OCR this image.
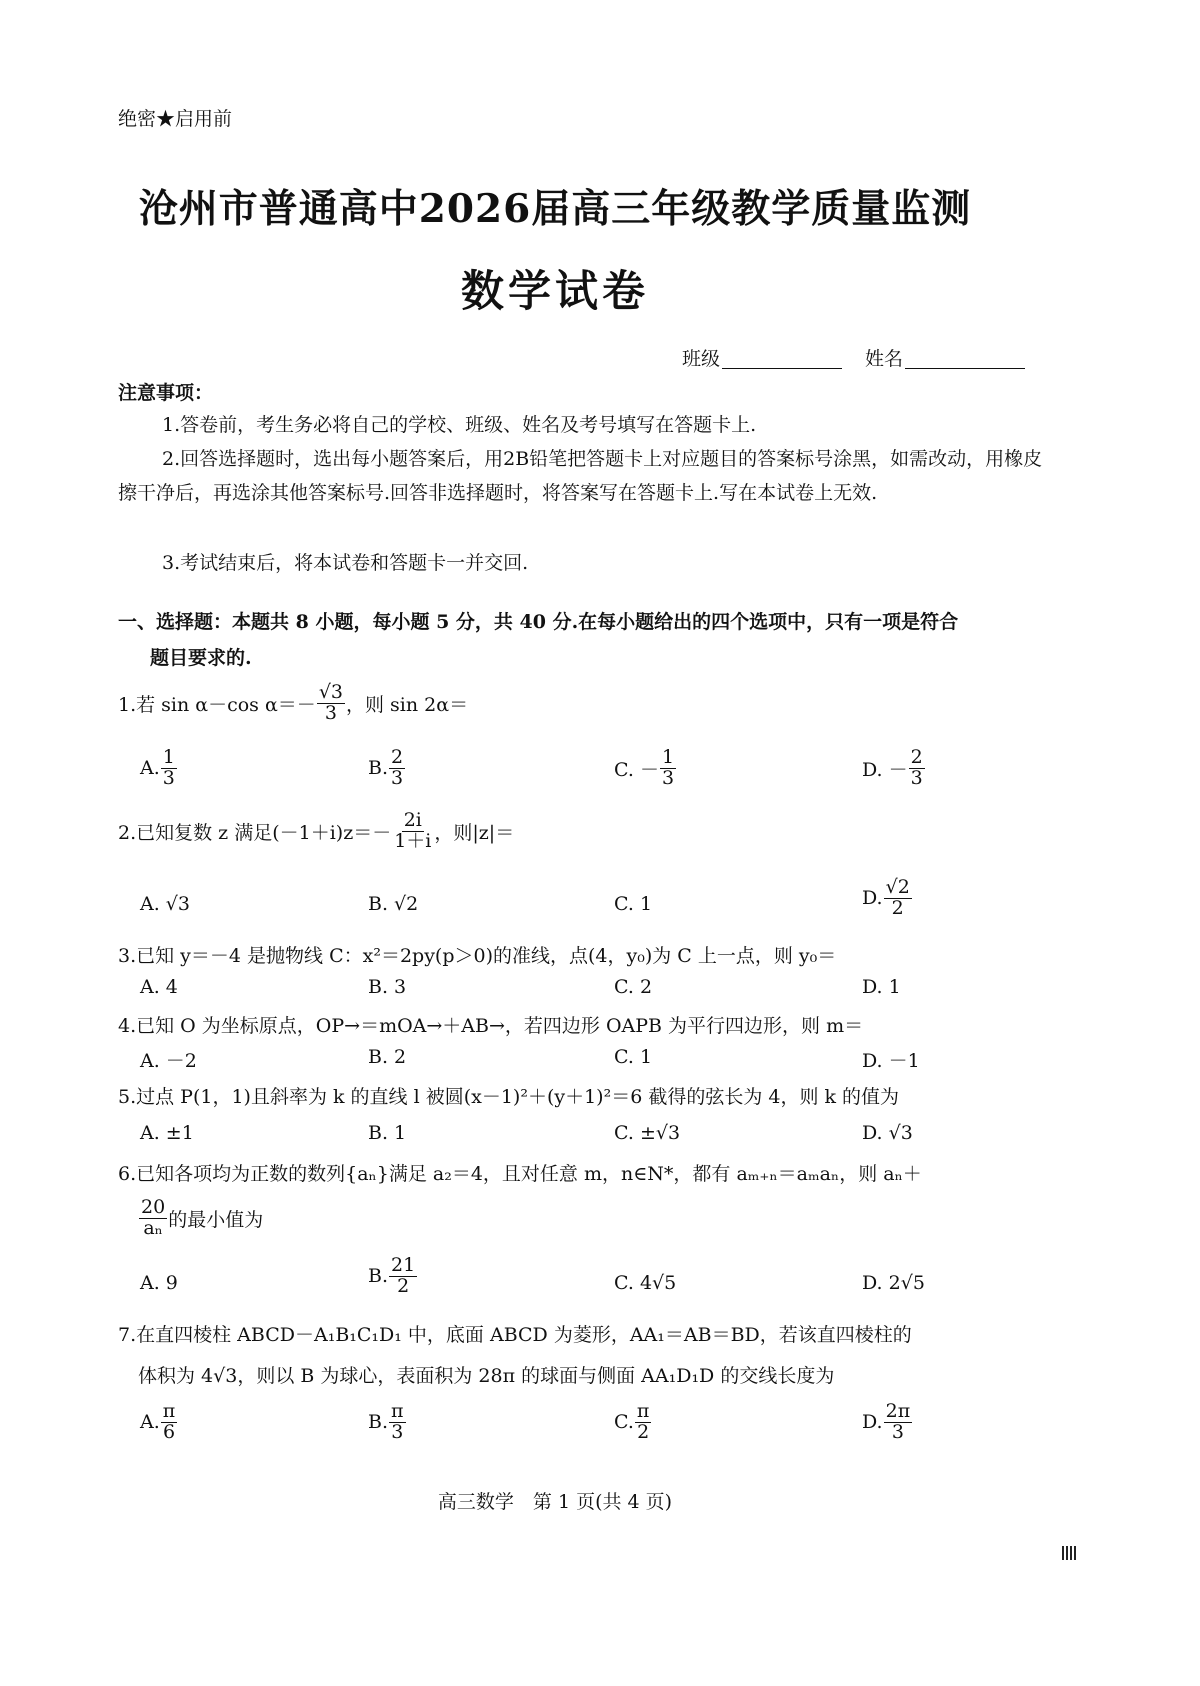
绝密★启用前
沧州市普通高中2026届高三年级教学质量监测
数学试卷
班级	姓名
注意事项：
1.答卷前，考生务必将自己的学校、班级、姓名及考号填写在答题卡上.
2.回答选择题时，选出每小题答案后，用2B铅笔把答题卡上对应题目的答案标号涂黑，如需改动，用橡皮擦干净后，再选涂其他答案标号.回答非选择题时，将答案写在答题卡上.写在本试卷上无效.
3.考试结束后，将本试卷和答题卡一并交回.
一、选择题：本题共 8 小题，每小题 5 分，共 40 分.在每小题给出的四个选项中，只有一项是符合
题目要求的.
1.若 sin α－cos $\alpha=- \frac{√3}{3}$ ，则 sin 2α＝
A. $\frac{1}{3}$	B. $\frac{2}{3}$	C. － $\frac{1}{3}$	D. － $\frac{2}{3}$
2.已知复数 z 满足$(-1+i)z=- \frac{2i}{1+i}$ ，则|z|＝
A. √3	B. √2	C. 1	D. $\frac{√2}{2}$
3.已知 y＝－4 是抛物线 C：x²＝2py(p＞0)的准线，点(4，y₀)为 C 上一点，则 y₀＝
A. 4	B. 3	C. 2	D. 1
4.已知 O 为坐标原点，OP→＝mOA→＋AB→，若四边形 OAPB 为平行四边形，则 m＝
A. －2	B. 2	C. 1	D. －1
5.过点 P(1，1)且斜率为 k 的直线 l 被圆(x－1)²＋(y＋1)²＝6 截得的弦长为 4，则 k 的值为
A. ±1	B. 1	C. ±√3	D. √3
6.已知各项均为正数的数列{aₙ}满足 a₂＝4，且对任意 m，n∈N*，都有 aₘ₊ₙ＝aₘaₙ，则 aₙ＋
$\frac{20}{\text{aₙ}}$ 的最小值为
A. 9	B. $\frac{21}{2}$	C. 4√5	D. 2√5
7.在直四棱柱 ABCD－A₁B₁C₁D₁ 中，底面 ABCD 为菱形，AA₁＝AB＝BD，若该直四棱柱的
体积为 4√3，则以 B 为球心，表面积为 28π 的球面与侧面 AA₁D₁D 的交线长度为
A. $\frac{\pi}{6}$	B. $\frac{\pi}{3}$	C. $\frac{\pi}{2}$	D. $\frac{2\pi}{3}$
高三数学　第 1 页(共 4 页)
